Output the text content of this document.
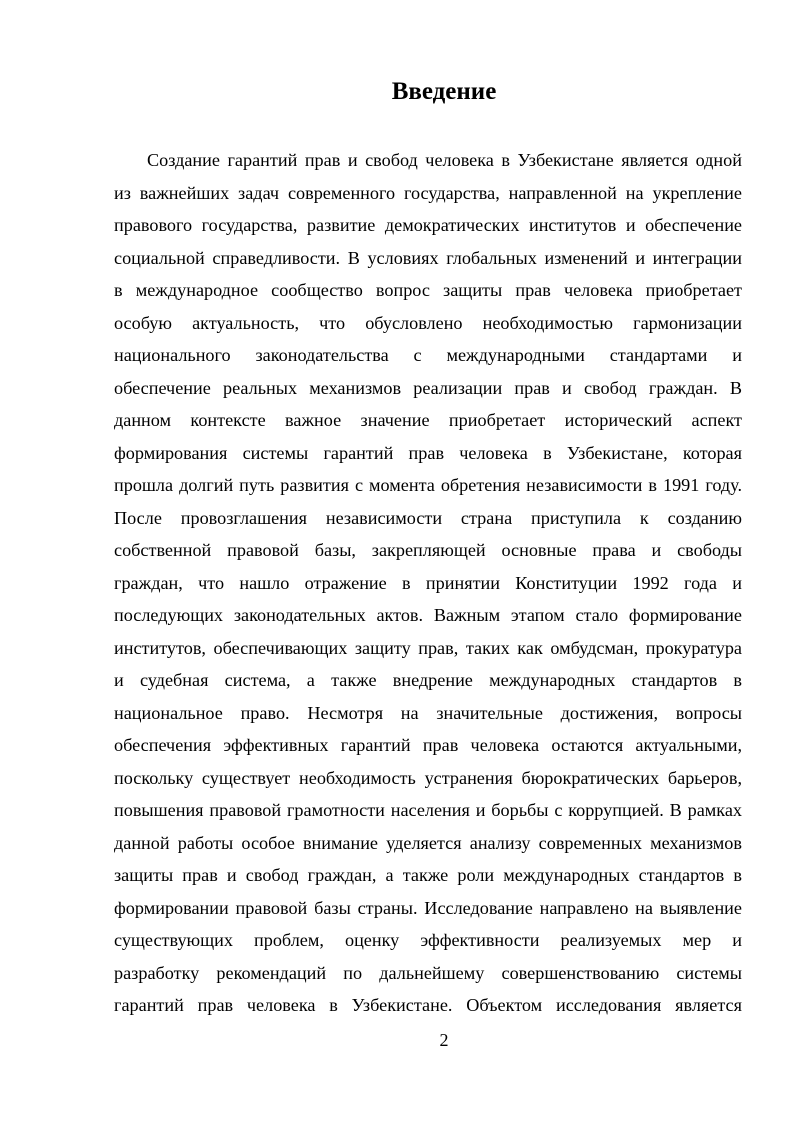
Введение
Создание гарантий прав и свобод человека в Узбекистане является одной
из важнейших задач современного государства, направленной на укрепление
правового государства, развитие демократических институтов и обеспечение
социальной справедливости. В условиях глобальных изменений и интеграции
в международное сообщество вопрос защиты прав человека приобретает
особую актуальность, что обусловлено необходимостью гармонизации
национального законодательства с международными стандартами и
обеспечение реальных механизмов реализации прав и свобод граждан. В
данном контексте важное значение приобретает исторический аспект
формирования системы гарантий прав человека в Узбекистане, которая
прошла долгий путь развития с момента обретения независимости в 1991 году.
После провозглашения независимости страна приступила к созданию
собственной правовой базы, закрепляющей основные права и свободы
граждан, что нашло отражение в принятии Конституции 1992 года и
последующих законодательных актов. Важным этапом стало формирование
институтов, обеспечивающих защиту прав, таких как омбудсман, прокуратура
и судебная система, а также внедрение международных стандартов в
национальное право. Несмотря на значительные достижения, вопросы
обеспечения эффективных гарантий прав человека остаются актуальными,
поскольку существует необходимость устранения бюрократических барьеров,
повышения правовой грамотности населения и борьбы с коррупцией. В рамках
данной работы особое внимание уделяется анализу современных механизмов
защиты прав и свобод граждан, а также роли международных стандартов в
формировании правовой базы страны. Исследование направлено на выявление
существующих проблем, оценку эффективности реализуемых мер и
разработку рекомендаций по дальнейшему совершенствованию системы
гарантий прав человека в Узбекистане. Объектом исследования является
2
